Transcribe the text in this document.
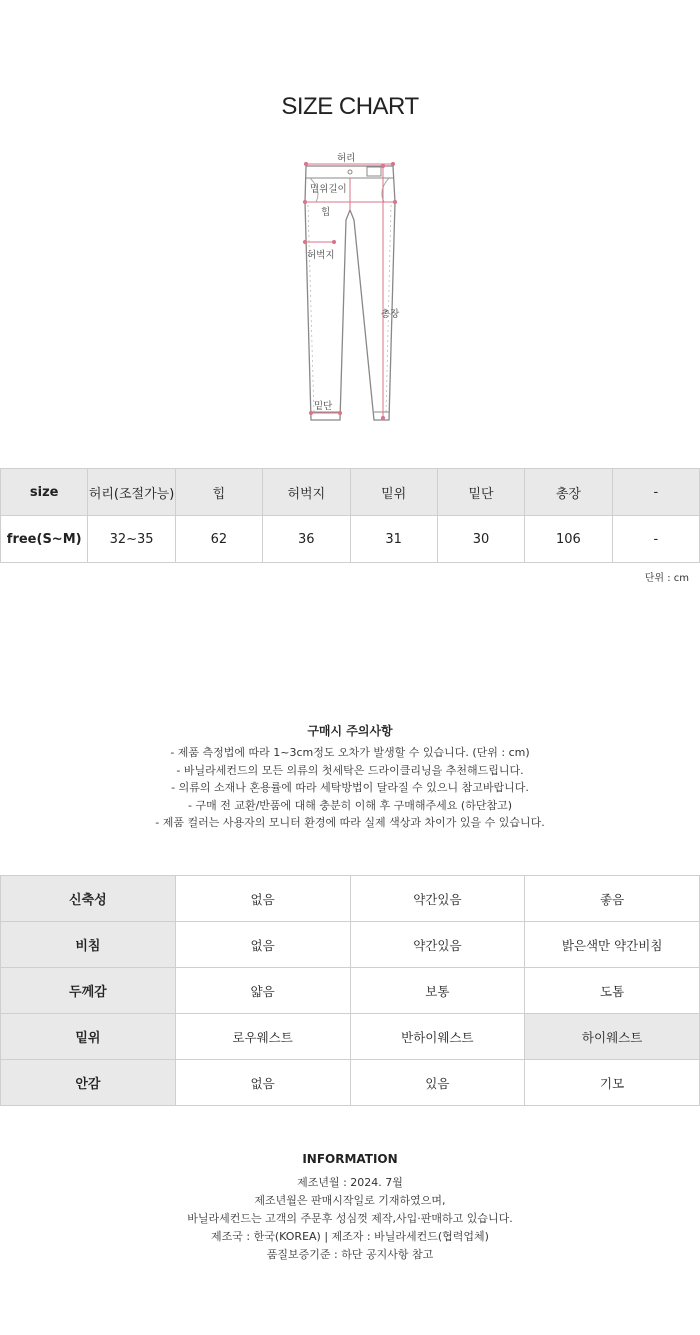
SIZE CHART
허리
밑위길이
힙
허벅지
총장
밑단
size	허리(조절가능)	힙	허벅지	밑위	밑단	총장	-
free(S~M)	32~35	62	36	31	30	106	-
단위 : cm
구매시 주의사항
- 제품 측정법에 따라 1~3cm정도 오차가 발생할 수 있습니다. (단위 : cm)
- 바닐라세컨드의 모든 의류의 첫세탁은 드라이클리닝을 추천해드립니다.
- 의류의 소재나 혼용률에 따라 세탁방법이 달라질 수 있으니 참고바랍니다.
- 구매 전 교환/반품에 대해 충분히 이해 후 구매해주세요 (하단참고)
- 제품 컬러는 사용자의 모니터 환경에 따라 실제 색상과 차이가 있을 수 있습니다.
신축성	없음	약간있음	좋음
비침	없음	약간있음	밝은색만 약간비침
두께감	얇음	보통	도톰
밑위	로우웨스트	반하이웨스트	하이웨스트
안감	없음	있음	기모
INFORMATION
제조년월 : 2024. 7월
제조년월은 판매시작일로 기재하였으며,
바닐라세컨드는 고객의 주문후 성심껏 제작,사입·판매하고 있습니다.
제조국 : 한국(KOREA) | 제조자 : 바닐라세컨드(협력업체)
품질보증기준 : 하단 공지사항 참고
